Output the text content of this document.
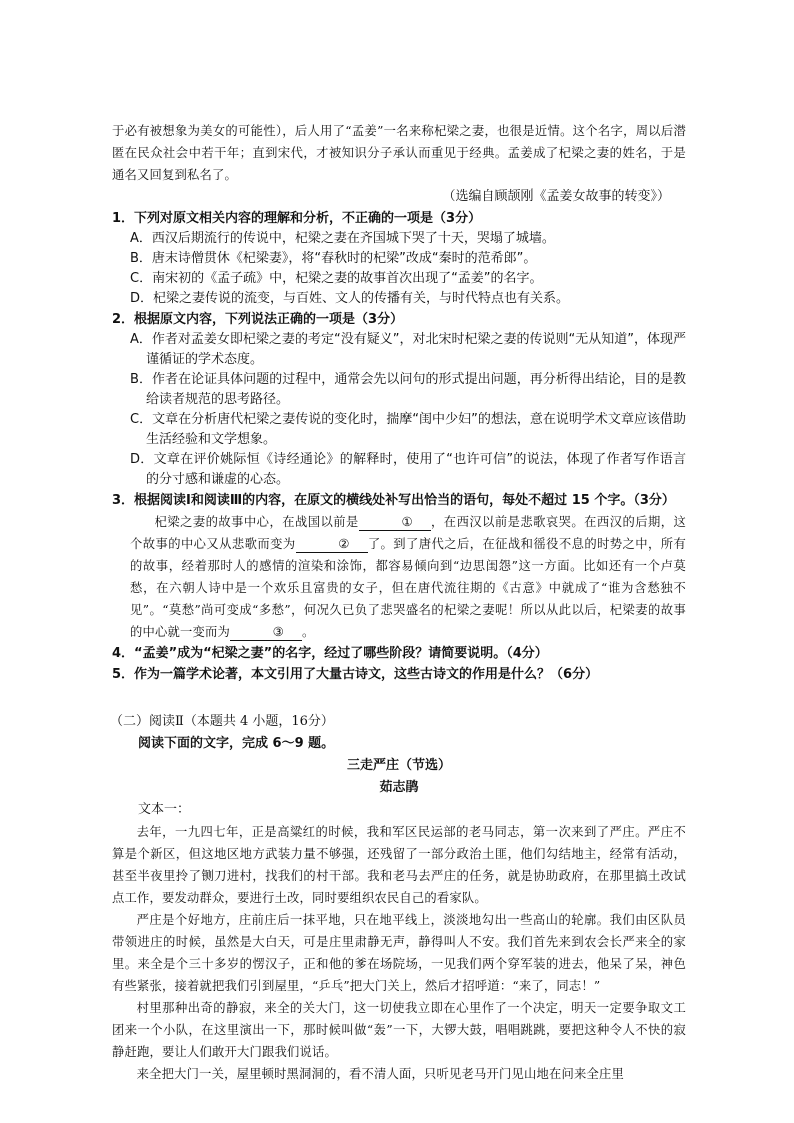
于必有被想象为美女的可能性），后人用了“孟姜”一名来称杞梁之妻，也很是近情。这个名字，周以后潜匿在民众社会中若干年；直到宋代，才被知识分子承认而重见于经典。孟姜成了杞梁之妻的姓名，于是通名又回复到私名了。

（选编自顾颉刚《孟姜女故事的转变》）

1．下列对原文相关内容的理解和分析，不正确的一项是（3分）

A．西汉后期流行的传说中，杞梁之妻在齐国城下哭了十天，哭塌了城墙。

B．唐末诗僧贯休《杞梁妻》，将“春秋时的杞梁”改成“秦时的范希郎”。

C．南宋初的《孟子疏》中，杞梁之妻的故事首次出现了“孟姜”的名字。

D．杞梁之妻传说的流变，与百姓、文人的传播有关，与时代特点也有关系。

2．根据原文内容，下列说法正确的一项是（3分）

A．作者对孟姜女即杞梁之妻的考定“没有疑义”，对北宋时杞梁之妻的传说则“无从知道”，体现严谨循证的学术态度。

B．作者在论证具体问题的过程中，通常会先以问句的形式提出问题，再分析得出结论，目的是教给读者规范的思考路径。

C．文章在分析唐代杞梁之妻传说的变化时，揣摩“闺中少妇”的想法，意在说明学术文章应该借助生活经验和文学想象。

D．文章在评价姚际恒《诗经通论》的解释时，使用了“也许可信”的说法，体现了作者写作语言的分寸感和谦虚的心态。

3．根据阅读Ⅰ和阅读Ⅲ的内容，在原文的横线处补写出恰当的语句，每处不超过 15 个字。（3分）

杞梁之妻的故事中心，在战国以前是	① ，在西汉以前是悲歌哀哭。在西汉的后期，这个故事的中心又从悲歌而变为	② 了。到了唐代之后，在征战和徭役不息的时势之中，所有的故事，经着那时人的感情的渲染和涂饰，都容易倾向到“边思闺怨”这一方面。比如还有一个卢莫愁，在六朝人诗中是一个欢乐且富贵的女子，但在唐代流往期的《古意》中就成了“谁为含愁独不见”。“莫愁”尚可变成“多愁”，何况久已负了悲哭盛名的杞梁之妻呢！所以从此以后，杞梁妻的故事的中心就一变而为	③ 。

4．“孟姜”成为“杞梁之妻”的名字，经过了哪些阶段？请简要说明。（4分）

5．作为一篇学术论著，本文引用了大量古诗文，这些古诗文的作用是什么？（6分）

（二）阅读Ⅱ（本题共 4 小题，16分）

阅读下面的文字，完成 6～9 题。

三走严庄（节选）

茹志鹃

文本一：

去年，一九四七年，正是高粱红的时候，我和军区民运部的老马同志，第一次来到了严庄。严庄不算是个新区，但这地区地方武装力量不够强，还残留了一部分政治土匪，他们勾结地主，经常有活动，甚至半夜里拎了铡刀进村，找我们的村干部。我和老马去严庄的任务，就是协助政府，在那里搞土改试点工作，要发动群众，要进行土改，同时要组织农民自己的看家队。

严庄是个好地方，庄前庄后一抹平地，只在地平线上，淡淡地勾出一些高山的轮廓。我们由区队员带领进庄的时候，虽然是大白天，可是庄里肃静无声，静得叫人不安。我们首先来到农会长严来全的家里。来全是个三十多岁的愣汉子，正和他的爹在场院场，一见我们两个穿军装的进去，他呆了呆，神色有些紧张，接着就把我们引到屋里，“乒乓”把大门关上，然后才招呼道：“来了，同志！”

村里那种出奇的静寂，来全的关大门，这一切使我立即在心里作了一个决定，明天一定要争取文工团来一个小队，在这里演出一下，那时候叫做“轰”一下，大锣大鼓，唱唱跳跳，要把这种令人不快的寂静赶跑，要让人们敢开大门跟我们说话。

来全把大门一关，屋里顿时黑洞洞的，看不清人面，只听见老马开门见山地在问来全庄里
